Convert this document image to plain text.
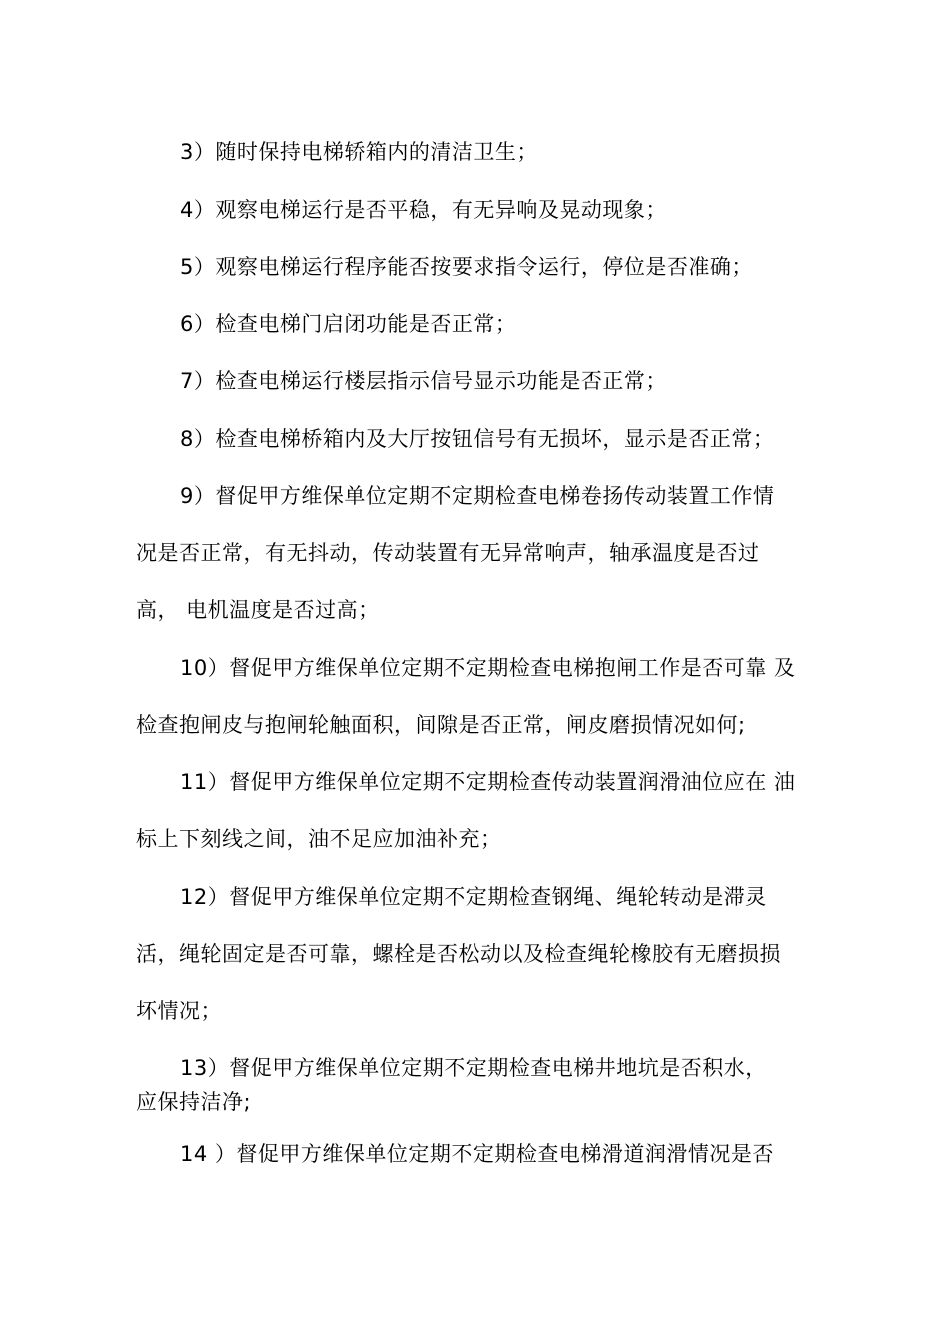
3）随时保持电梯轿箱内的清洁卫生；
4）观察电梯运行是否平稳，有无异响及晃动现象；
5）观察电梯运行程序能否按要求指令运行，停位是否准确；
6）检查电梯门启闭功能是否正常；
7）检查电梯运行楼层指示信号显示功能是否正常；
8）检查电梯桥箱内及大厅按钮信号有无损坏，显示是否正常；
9）督促甲方维保单位定期不定期检查电梯卷扬传动装置工作情
况是否正常，有无抖动，传动装置有无异常响声，轴承温度是否过
高， 电机温度是否过高；
10）督促甲方维保单位定期不定期检查电梯抱闸工作是否可靠 及
检查抱闸皮与抱闸轮触面积，间隙是否正常，闸皮磨损情况如何;
11）督促甲方维保单位定期不定期检查传动装置润滑油位应在 油
标上下刻线之间，油不足应加油补充；
12）督促甲方维保单位定期不定期检查钢绳、绳轮转动是滞灵
活，绳轮固定是否可靠，螺栓是否松动以及检查绳轮橡胶有无磨损损
坏情况；
13）督促甲方维保单位定期不定期检查电梯井地坑是否积水，
应保持洁净;
14 ）督促甲方维保单位定期不定期检查电梯滑道润滑情况是否
